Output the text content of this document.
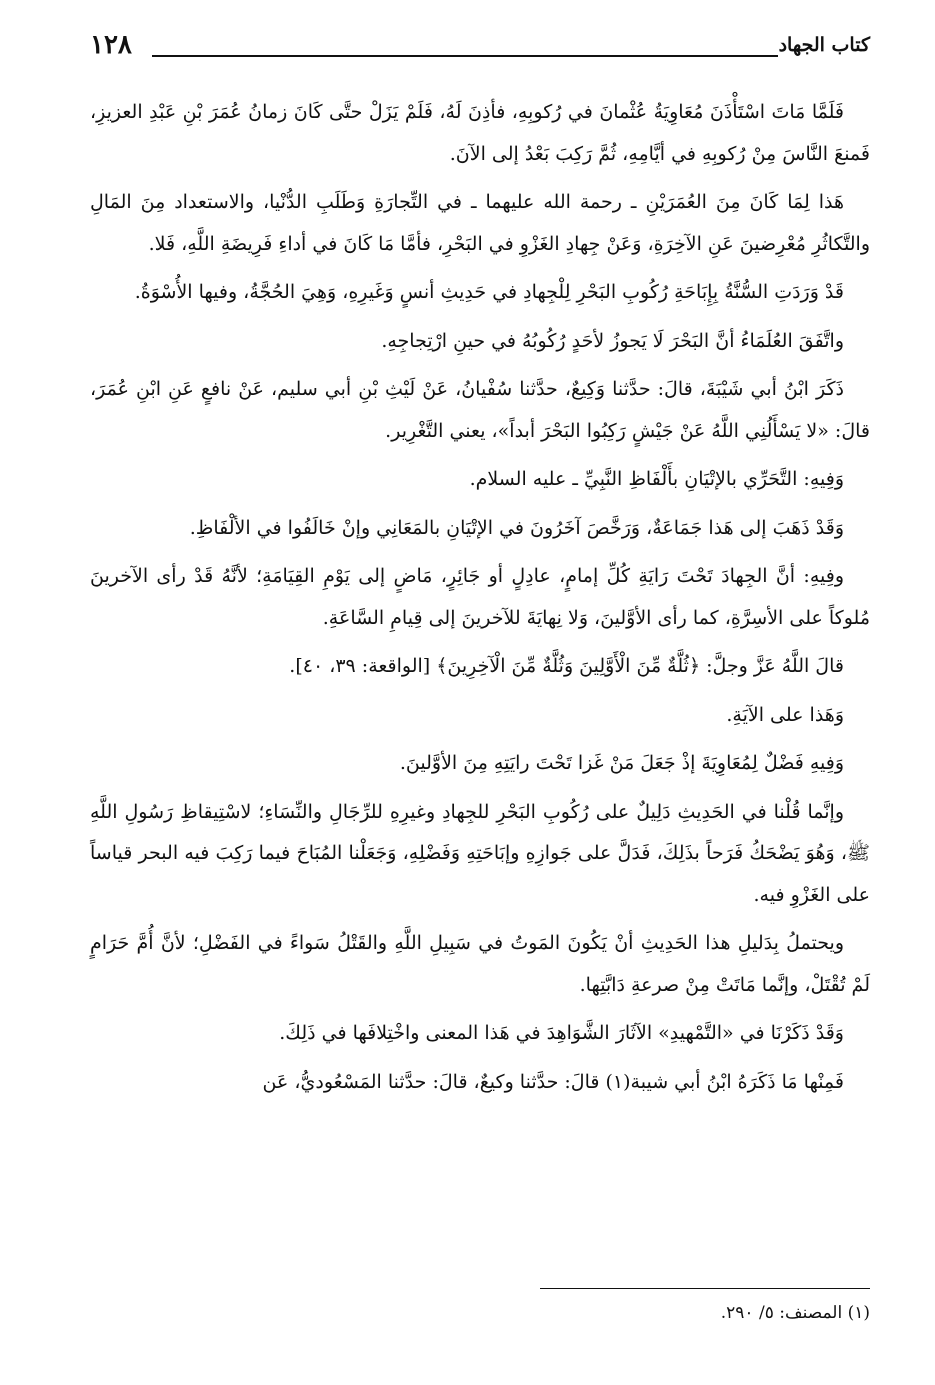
كتاب الجهاد
١٢٨

فَلَمَّا مَاتَ اسْتَأْذَنَ مُعَاوِيَةُ عُثْمانَ في رُكوبِهِ، فأذِنَ لَهُ، فَلَمْ يَزَلْ حتَّى كَانَ زمانُ عُمَرَ بْنِ عَبْدِ العزيزِ، فَمنعَ النَّاسَ مِنْ رُكوبِهِ في أيَّامِهِ، ثُمَّ رَكِبَ بَعْدُ إلى الآنَ.

هَذا لِمَا كَانَ مِنَ العُمَرَيْنِ ـ رحمة الله عليهما ـ في التِّجارَةِ وَطَلَبِ الدُّنْيا، والاستعداد مِنَ المَالِ والتَّكاثُرِ مُعْرِضينَ عَنِ الآخِرَةِ، وَعَنْ جِهادِ الغَزْوِ في البَحْرِ، فأمَّا مَا كَانَ في أداءِ فَرِيضَةِ اللَّهِ، فَلا.

قَدْ وَرَدَتِ السُّنَّةُ بِإِبَاحَةِ رُكُوبِ البَحْرِ لِلْجِهادِ في حَدِيثِ أنسٍ وَغَيرِهِ، وَهِيَ الحُجَّةُ، وفيها الأُسْوَةُ.

واتَّفَقَ العُلَمَاءُ أنَّ البَحْرَ لَا يَجوزُ لأحَدٍ رُكُوبُهُ في حينِ ارْتِجاجِهِ.

ذَكَرَ ابْنُ أبي شَيْبَةَ، قالَ: حدَّثنا وَكِيعٌ، حدَّثنا سُفْيانُ، عَنْ لَيْثِ بْنِ أبي سليم، عَنْ نافعٍ عَنِ ابْنِ عُمَرَ، قالَ: «لا يَسْأَلُنِي اللَّهُ عَنْ جَيْشٍ رَكِبُوا البَحْرَ أبداً»، يعني التَّغْرِير.

وَفِيهِ: التَّحَرِّي بالإتْيَانِ بأَلْفَاظِ النَّبِيِّ ـ عليه السلام.

وَقَدْ ذَهَبَ إلى هَذا جَمَاعَةٌ، وَرَخَّصَ آخَرُونَ في الإتْيَانِ بالمَعَانِي وإنْ خَالَفُوا في الألْفَاظِ.

وفِيهِ: أنَّ الجِهادَ تَحْتَ رَايَةِ كُلِّ إمامٍ، عادِلٍ أو جَائِرٍ، مَاضٍ إلى يَوْمِ القِيَامَةِ؛ لأنَّهُ قَدْ رأى الآخرينَ مُلوكاً على الأسِرَّةِ، كما رأى الأوَّلينَ، وَلا نِهايَةَ للآخرينَ إلى قِيامِ السَّاعَةِ.

قالَ اللَّهُ عَزَّ وجلَّ: ﴿ثُلَّةٌ مِّنَ الْأَوَّلِينَ وَثُلَّةٌ مِّنَ الْآخِرِينَ﴾ [الواقعة: ٣٩، ٤٠].

وَهَذا على الآيَةِ.

وَفِيهِ فَضْلٌ لِمُعَاوِيَةَ إذْ جَعَلَ مَنْ غَزا تَحْتَ رايَتِهِ مِنَ الأوَّلينَ.

وإنَّما قُلْنا في الحَدِيثِ دَلِيلٌ على رُكُوبِ البَحْرِ للجِهادِ وغيرِهِ للرِّجَالِ والنِّسَاءِ؛ لاسْتِيقاظِ رَسُولِ اللَّهِ ﷺ، وَهُوَ يَضْحَكُ فَرَحاً بذَلِكَ، فَدَلَّ على جَوازِهِ وإبَاحَتِهِ وَفَضْلِهِ، وَجَعَلْنا المُبَاحَ فيما رَكِبَ فيه البحر قياساً على الغَزْوِ فيه.

ويحتملُ بِدَليلِ هذا الحَدِيثِ أنْ يَكُونَ المَوتُ في سَبِيلِ اللَّهِ والقَتْلُ سَواءً في الفَضْلِ؛ لأنَّ أُمَّ حَرَامٍ لَمْ تُقْتَلْ، وإنَّما مَاتَتْ مِنْ صرعةِ دَابَّتِها.

وَقَدْ ذَكَرْنَا في «التَّمْهيدِ» الآثَارَ الشَّوَاهِدَ في هَذا المعنى واخْتِلافَها في ذَلِكَ.

فَمِنْها مَا ذَكَرَهُ ابْنُ أبي شيبة(١) قالَ: حدَّثنا وكيعٌ، قالَ: حدَّثنا المَسْعُوديُّ، عَن

(١) المصنف: ٥/ ٢٩٠.
